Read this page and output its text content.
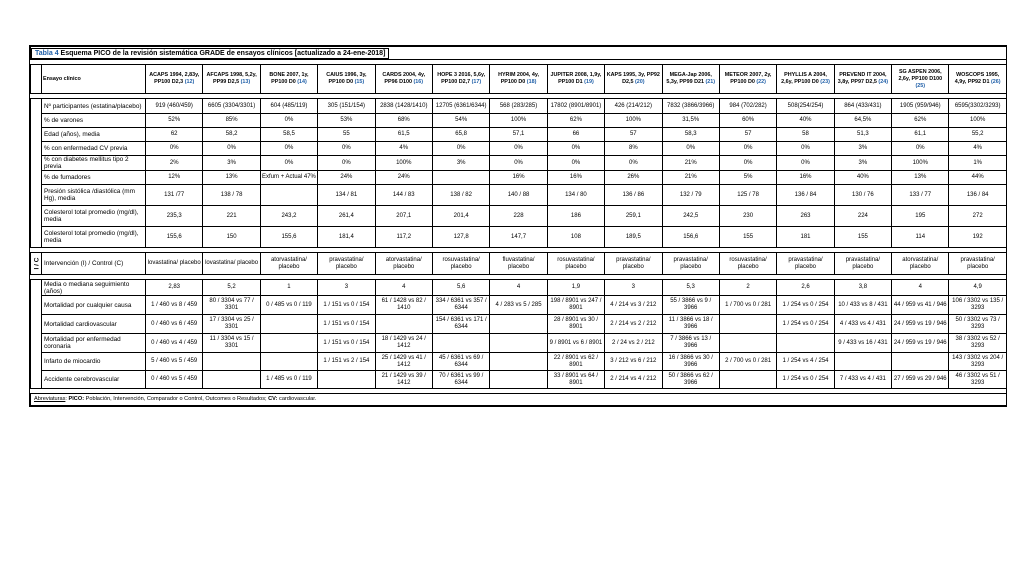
Tabla 4 Esquema PICO de la revisión sistemática GRADE de ensayos clínicos [actualizado a 24-ene-2018]																

	Ensayo clínico	ACAPS 1994, 2,83y, PP100 D2,3 (12)	AFCAPS 1998, 5,2y, PP99 D2,5 (13)	BONE 2007, 1y, PP100 D0 (14)	CAIUS 1996, 3y, PP100 D0 (15)	CARDS 2004, 4y, PP96 D100 (16)	HOPE 3 2016, 5,6y, PP100 D2,7 (17)	HYRIM 2004, 4y, PP100 D0 (18)	JUPITER 2008, 1,9y, PP100 D1 (19)	KAPS 1995, 3y, PP92 D2,5 (20)	MEGA-Jap 2006, 5,3y, PP99 D21 (21)	METEOR 2007, 2y, PP100 D0 (22)	PHYLLIS A 2004, 2,6y, PP100 D0 (23)	PREVEND IT 2004, 3,8y, PP97 D2,5 (24)	SG ASPEN 2006, 2,6y, PP100 D100 (25)	WOSCOPS 1995, 4,9y, PP92 D1 (26)

	Nº participantes (estatina/placebo)	919 (460/459)	6605 (3304/3301)	604 (485/119)	305 (151/154)	2838 (1428/1410)	12705 (6361/6344)	568 (283/285)	17802 (8901/8901)	426 (214/212)	7832 (3866/3966)	984 (702/282)	508(254/254)	864 (433/431)	1905 (959/946)	6595(3302/3293)
	% de varones	52%	85%	0%	53%	68%	54%	100%	62%	100%	31,5%	60%	40%	64,5%	62%	100%
	Edad (años), media	62	58,2	58,5	55	61,5	65,8	57,1	66	57	58,3	57	58	51,3	61,1	55,2
	% con enfermedad CV previa	0%	0%	0%	0%	4%	0%	0%	0%	8%	0%	0%	0%	3%	0%	4%
	% con diabetes mellitus tipo 2 previa	2%	3%	0%	0%	100%	3%	0%	0%	0%	21%	0%	0%	3%	100%	1%
	% de fumadores	12%	13%	Exfum + Actual 47%	24%	24%		16%	16%	26%	21%	5%	16%	40%	13%	44%
	Presión sistólica /diastólica (mm Hg), media	131 /77	138 / 78		134 / 81	144 / 83	138 / 82	140 / 88	134 / 80	136 / 86	132 / 79	125 / 78	136 / 84	130 / 76	133 / 77	136 / 84
	Colesterol total promedio (mg/dl), media	235,3	221	243,2	261,4	207,1	201,4	228	186	259,1	242,5	230	263	224	195	272
	Colesterol total promedio (mg/dl), media	155,6	150	155,6	181,4	117,2	127,8	147,7	108	189,5	156,6	155	181	155	114	192

I / C	Intervención (I) / Control (C)	lovastatina/ placebo	lovastatina/ placebo	atorvastatina/ placebo	pravastatina/ placebo	atorvastatina/ placebo	rosuvastatina/ placebo	fluvastatina/ placebo	rosuvastatina/ placebo	pravastatina/ placebo	pravastatina/ placebo	rosuvastatina/ placebo	pravastatina/ placebo	pravastatina/ placebo	atorvastatina/ placebo	pravastatina/ placebo

	Media o mediana seguimiento (años)	2,83	5,2	1	3	4	5,6	4	1,9	3	5,3	2	2,6	3,8	4	4,9
	Mortalidad por cualquier causa	1 / 460 vs 8 / 459	80 / 3304 vs 77 / 3301	0 / 485 vs 0 / 119	1 / 151 vs 0 / 154	61 / 1428 vs 82 / 1410	334 / 6361 vs 357 / 6344	4 / 283 vs 5 / 285	198 / 8901 vs 247 / 8901	4 / 214 vs 3 / 212	55 / 3866 vs 9 / 3966	1 / 700 vs 0 / 281	1 / 254 vs 0 / 254	10 / 433 vs 8 / 431	44 / 959 vs 41 / 946	106 / 3302 vs 135 / 3293
	Mortalidad cardiovascular	0 / 460 vs 6 / 459	17 / 3304 vs 25 / 3301		1 / 151 vs 0 / 154		154 / 6361 vs 171 / 6344		28 / 8901 vs 30 / 8901	2 / 214 vs 2 / 212	11 / 3866 vs 18 / 3966		1 / 254 vs 0 / 254	4 / 433 vs 4 / 431	24 / 959 vs 19 / 946	50 / 3302 vs 73 / 3293
	Mortalidad por enfermedad coronaria	0 / 460 vs 4 / 459	11 / 3304 vs 15 / 3301		1 / 151 vs 0 / 154	18 / 1429 vs 24 / 1412			9 / 8901 vs 6 / 8901	2 / 24 vs 2 / 212	7 / 3866 vs 13 / 3966			9 / 433 vs 16 / 431	24 / 959 vs 19 / 946	38 / 3302 vs 52 / 3293
	Infarto de miocardio	5 / 460 vs 5 / 459			1 / 151 vs 2 / 154	25 / 1429 vs 41 / 1412	45 / 6361 vs 69 / 6344		22 / 8901 vs 62 / 8901	3 / 212 vs 6 / 212	16 / 3866 vs 30 / 3966	2 / 700 vs 0 / 281	1 / 254 vs 4 / 254			143 / 3302 vs 204 / 3293
	Accidente cerebrovascular	0 / 460 vs 5 / 459		1 / 485 vs 0 / 119		21 / 1429 vs 39 / 1412	70 / 6361 vs 99 / 6344		33 / 8901 vs 64 / 8901	2 / 214 vs 4 / 212	50 / 3866 vs 62 / 3966		1 / 254 vs 0 / 254	7 / 433 vs 4 / 431	27 / 959 vs 29 / 946	46 / 3302 vs 51 / 3293

Abreviaturas: PICO: Población, Intervención, Comparador o Control, Outcomes o Resultados; CV: cardiovascular.																
